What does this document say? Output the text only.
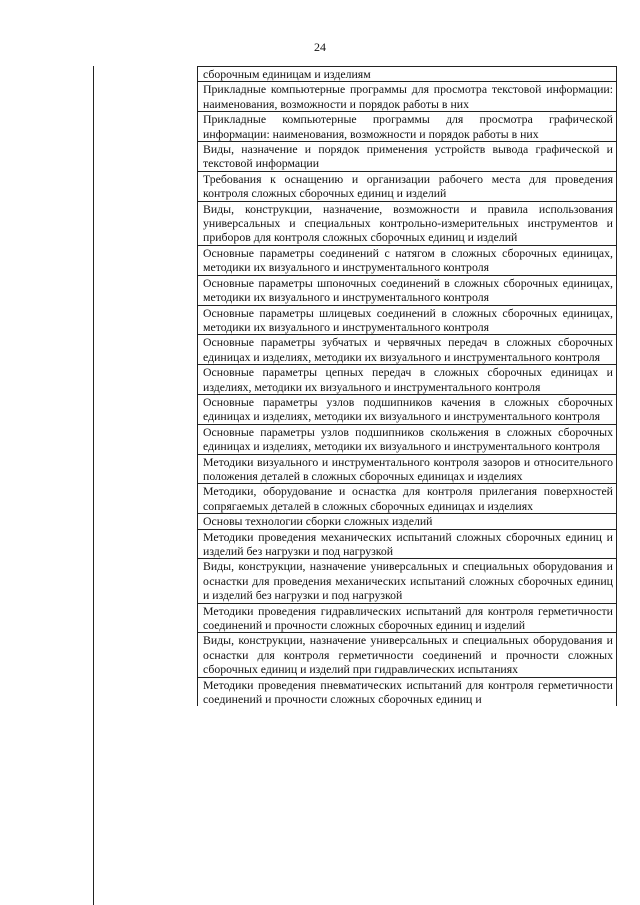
24
сборочным единицам и изделиям
Прикладные компьютерные программы для просмотра текстовой информации: наименования, возможности и порядок работы в них
Прикладные компьютерные программы для просмотра графической информации: наименования, возможности и порядок работы в них
Виды, назначение и порядок применения устройств вывода графической и текстовой информации
Требования к оснащению и организации рабочего места для проведения контроля сложных сборочных единиц и изделий
Виды, конструкции, назначение, возможности и правила использования универсальных и специальных контрольно-измерительных инструментов и приборов для контроля сложных сборочных единиц и изделий
Основные параметры соединений с натягом в сложных сборочных единицах, методики их визуального и инструментального контроля
Основные параметры шпоночных соединений в сложных сборочных единицах, методики их визуального и инструментального контроля
Основные параметры шлицевых соединений в сложных сборочных единицах, методики их визуального и инструментального контроля
Основные параметры зубчатых и червячных передач в сложных сборочных единицах и изделиях, методики их визуального и инструментального контроля
Основные параметры цепных передач в сложных сборочных единицах и изделиях, методики их визуального и инструментального контроля
Основные параметры узлов подшипников качения в сложных сборочных единицах и изделиях, методики их визуального и инструментального контроля
Основные параметры узлов подшипников скольжения в сложных сборочных единицах и изделиях, методики их визуального и инструментального контроля
Методики визуального и инструментального контроля зазоров и относительного положения деталей в сложных сборочных единицах и изделиях
Методики, оборудование и оснастка для контроля прилегания поверхностей сопрягаемых деталей в сложных сборочных единицах и изделиях
Основы технологии сборки сложных изделий
Методики проведения механических испытаний сложных сборочных единиц и изделий без нагрузки и под нагрузкой
Виды, конструкции, назначение универсальных и специальных оборудования и оснастки для проведения механических испытаний сложных сборочных единиц и изделий без нагрузки и под нагрузкой
Методики проведения гидравлических испытаний для контроля герметичности соединений и прочности сложных сборочных единиц и изделий
Виды, конструкции, назначение универсальных и специальных оборудования и оснастки для контроля герметичности соединений и прочности сложных сборочных единиц и изделий при гидравлических испытаниях
Методики проведения пневматических испытаний для контроля герметичности соединений и прочности сложных сборочных единиц и
